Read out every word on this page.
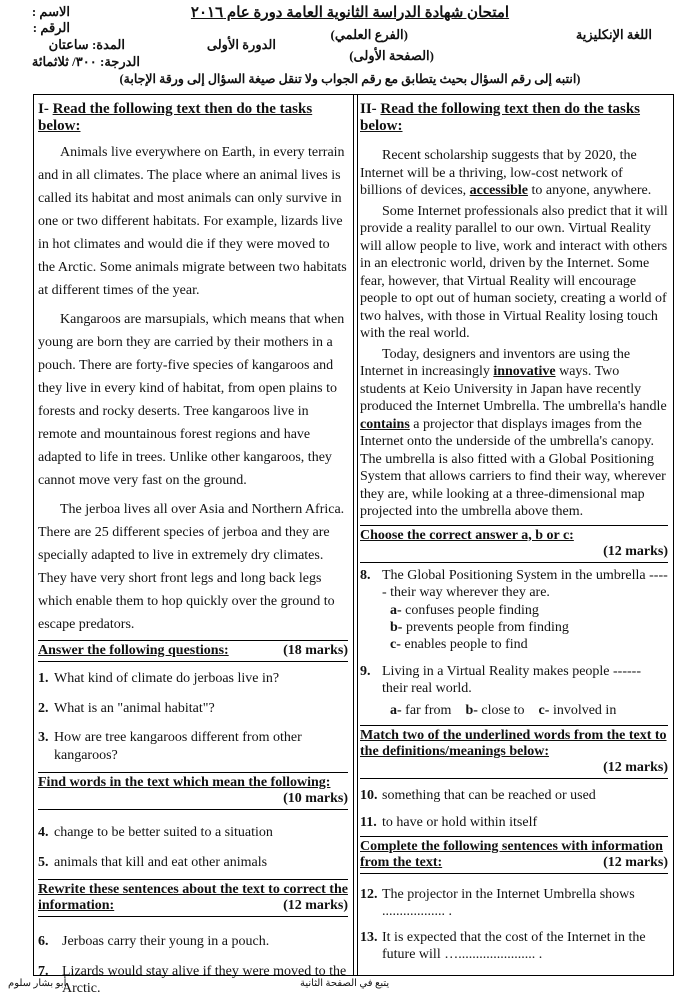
امتحان شهادة الدراسة الثانوية العامة دورة عام ٢٠١٦
اللغة الإنكليزية
(الفرع العلمي)
الدورة الأولى
(الصفحة الأولى)
الاسم :
الرقم :
المدة: ساعتان
الدرجة: ٣٠٠/ ثلاثمائة
(انتبه إلى رقم السؤال بحيث يتطابق مع رقم الجواب ولا تنقل صيغة السؤال إلى ورقة الإجابة)
I- Read the following text then do the tasks below:

Animals live everywhere on Earth, in every terrain and in all climates. The place where an animal lives is called its habitat and most animals can only survive in one or two different habitats. For example, lizards live in hot climates and would die if they were moved to the Arctic. Some animals migrate between two habitats at different times of the year.

Kangaroos are marsupials, which means that when young are born they are carried by their mothers in a pouch. There are forty-five species of kangaroos and they live in every kind of habitat, from open plains to forests and rocky deserts. Tree kangaroos live in remote and mountainous forest regions and have adapted to life in trees. Unlike other kangaroos, they cannot move very fast on the ground.

The jerboa lives all over Asia and Northern Africa. There are 25 different species of jerboa and they are specially adapted to live in extremely dry climates. They have very short front legs and long back legs which enable them to hop quickly over the ground to escape predators.

Answer the following questions:	(18 marks)
1. What kind of climate do jerboas live in?
2. What is an "animal habitat"?
3. How are tree kangaroos different from other kangaroos?
Find words in the text which mean the following:
(10 marks)
4. change to be better suited to a situation
5. animals that kill and eat other animals
Rewrite these sentences about the text to correct the information:	(12 marks)
6. Jerboas carry their young in a pouch.
7. Lizards would stay alive if they were moved to the Arctic.
II- Read the following text then do the tasks below:

Recent scholarship suggests that by 2020, the Internet will be a thriving, low-cost network of billions of devices, accessible to anyone, anywhere.

Some Internet professionals also predict that it will provide a reality parallel to our own. Virtual Reality will allow people to live, work and interact with others in an electronic world, driven by the Internet. Some fear, however, that Virtual Reality will encourage people to opt out of human society, creating a world of two halves, with those in Virtual Reality losing touch with the real world.

Today, designers and inventors are using the Internet in increasingly innovative ways. Two students at Keio University in Japan have recently produced the Internet Umbrella. The umbrella's handle contains a projector that displays images from the Internet onto the underside of the umbrella's canopy. The umbrella is also fitted with a Global Positioning System that allows carriers to find their way, wherever they are, while looking at a three-dimensional map projected into the umbrella above them.

Choose the correct answer a, b or c:
(12 marks)
8. The Global Positioning System in the umbrella ----- their way wherever they are.
a- confuses people finding
b- prevents people from finding
c- enables people to find
9. Living in a Virtual Reality makes people ------ their real world.
a- far from b- close to c- involved in
Match two of the underlined words from the text to the definitions/meanings below:
(12 marks)
10. something that can be reached or used
11. to have or hold within itself
Complete the following sentences with information from the text:	(12 marks)
12. The projector in the Internet Umbrella shows .................. .
13. It is expected that the cost of the Internet in the future will …...................... .
أبو بشار سلوم	يتبع في الصفحة الثانية
